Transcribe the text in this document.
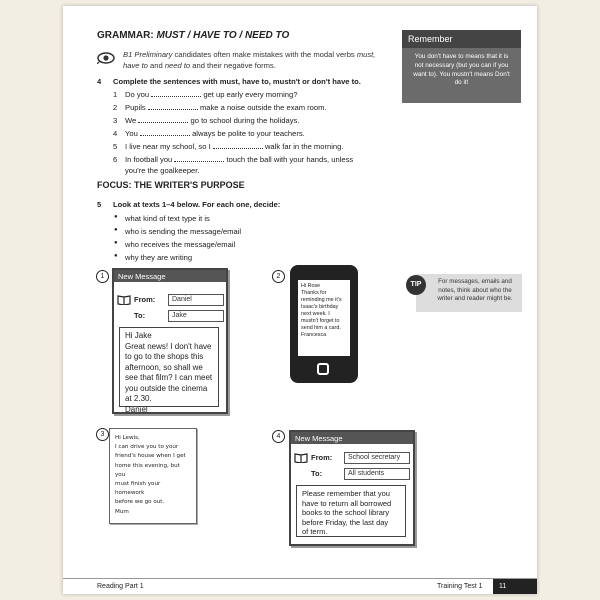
GRAMMAR: MUST / HAVE TO / NEED TO
B1 Preliminary candidates often make mistakes with the modal verbs must, have to and need to and their negative forms.
4 Complete the sentences with must, have to, mustn't or don't have to.
1 Do you	get up early every morning?
2 Pupils	make a noise outside the exam room.
3 We	go to school during the holidays.
4 You	always be polite to your teachers.
5 I live near my school, so I	walk far in the morning.
6 In football you	touch the ball with your hands, unless
you're the goalkeeper.
Remember
You don't have to means that it is not necessary (but you can if you want to). You mustn't means Don't do it!
FOCUS: THE WRITER'S PURPOSE
5 Look at texts 1–4 below. For each one, decide:
● what kind of text type it is
● who is sending the message/email
● who receives the message/email
● why they are writing
1	New Message
From:	Daniel
To:	Jake
Hi Jake
Great news! I don't have
to go to the shops this
afternoon, so shall we
see that film? I can meet
you outside the cinema
at 2.30.
Daniel
2
Hi Rose
Thanks for
reminding me it's
Isaac's birthday
next week. I
mustn't forget to
send him a card.
Francesca
TIP	For messages, emails and notes, think about who the writer and reader might be.
3	Hi Lewis,
I can drive you to your
friend's house when I get
home this evening, but you
must finish your homework
before we go out.
Mum
4	New Message
From:	School secretary
To:	All students
Please remember that you
have to return all borrowed
books to the school library
before Friday, the last day
of term.
Reading Part 1	Training Test 1	11
